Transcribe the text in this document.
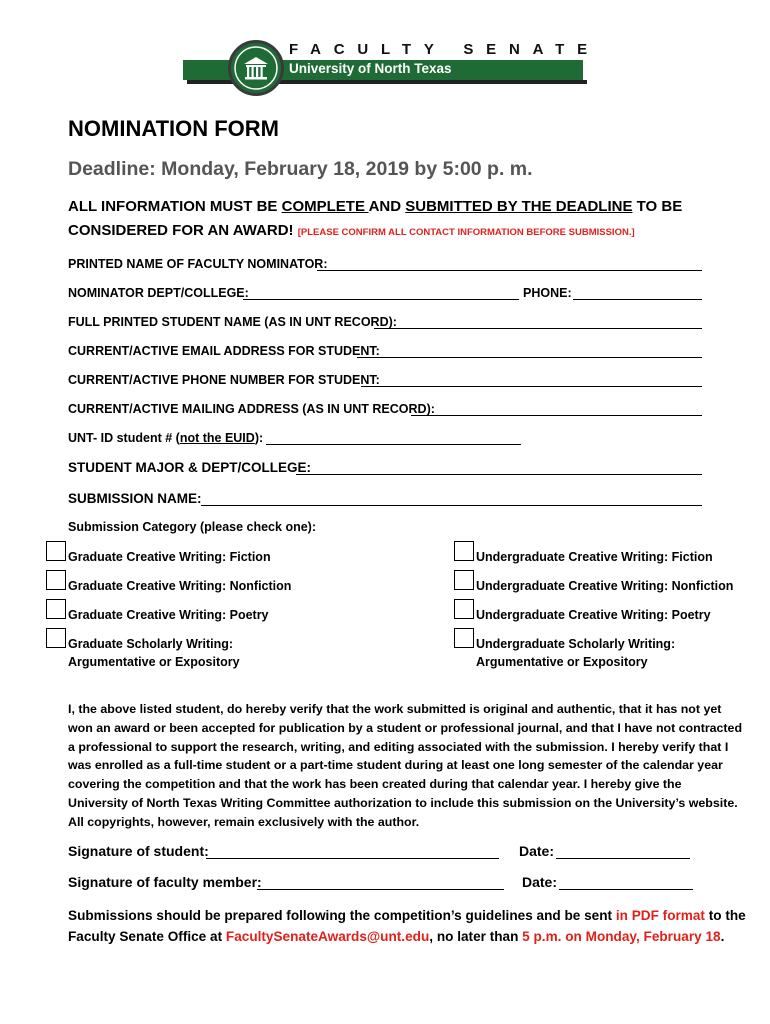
FACULTY SENATE
University of North Texas
NOMINATION FORM
Deadline: Monday, February 18, 2019 by 5:00 p. m.
ALL INFORMATION MUST BE COMPLETE AND SUBMITTED BY THE DEADLINE TO BE
CONSIDERED FOR AN AWARD! [PLEASE CONFIRM ALL CONTACT INFORMATION BEFORE SUBMISSION.]
PRINTED NAME OF FACULTY NOMINATOR:
NOMINATOR DEPT/COLLEGE:	PHONE:
FULL PRINTED STUDENT NAME (AS IN UNT RECORD):
CURRENT/ACTIVE EMAIL ADDRESS FOR STUDENT:
CURRENT/ACTIVE PHONE NUMBER FOR STUDENT:
CURRENT/ACTIVE MAILING ADDRESS (AS IN UNT RECORD):
UNT- ID student # (not the EUID):
STUDENT MAJOR & DEPT/COLLEGE:
SUBMISSION NAME:
Submission Category (please check one):
Graduate Creative Writing: Fiction
Graduate Creative Writing: Nonfiction
Graduate Creative Writing: Poetry
Graduate Scholarly Writing:
Argumentative or Expository
Undergraduate Creative Writing: Fiction
Undergraduate Creative Writing: Nonfiction
Undergraduate Creative Writing: Poetry
Undergraduate Scholarly Writing:
Argumentative or Expository
I, the above listed student, do hereby verify that the work submitted is original and authentic, that it has not yet
won an award or been accepted for publication by a student or professional journal, and that I have not contracted
a professional to support the research, writing, and editing associated with the submission. I hereby verify that I
was enrolled as a full-time student or a part-time student during at least one long semester of the calendar year
covering the competition and that the work has been created during that calendar year. I hereby give the
University of North Texas Writing Committee authorization to include this submission on the University’s website.
All copyrights, however, remain exclusively with the author.
Signature of student:	Date:
Signature of faculty member:	Date:
Submissions should be prepared following the competition’s guidelines and be sent in PDF format to the
Faculty Senate Office at FacultySenateAwards@unt.edu, no later than 5 p.m. on Monday, February 18.
